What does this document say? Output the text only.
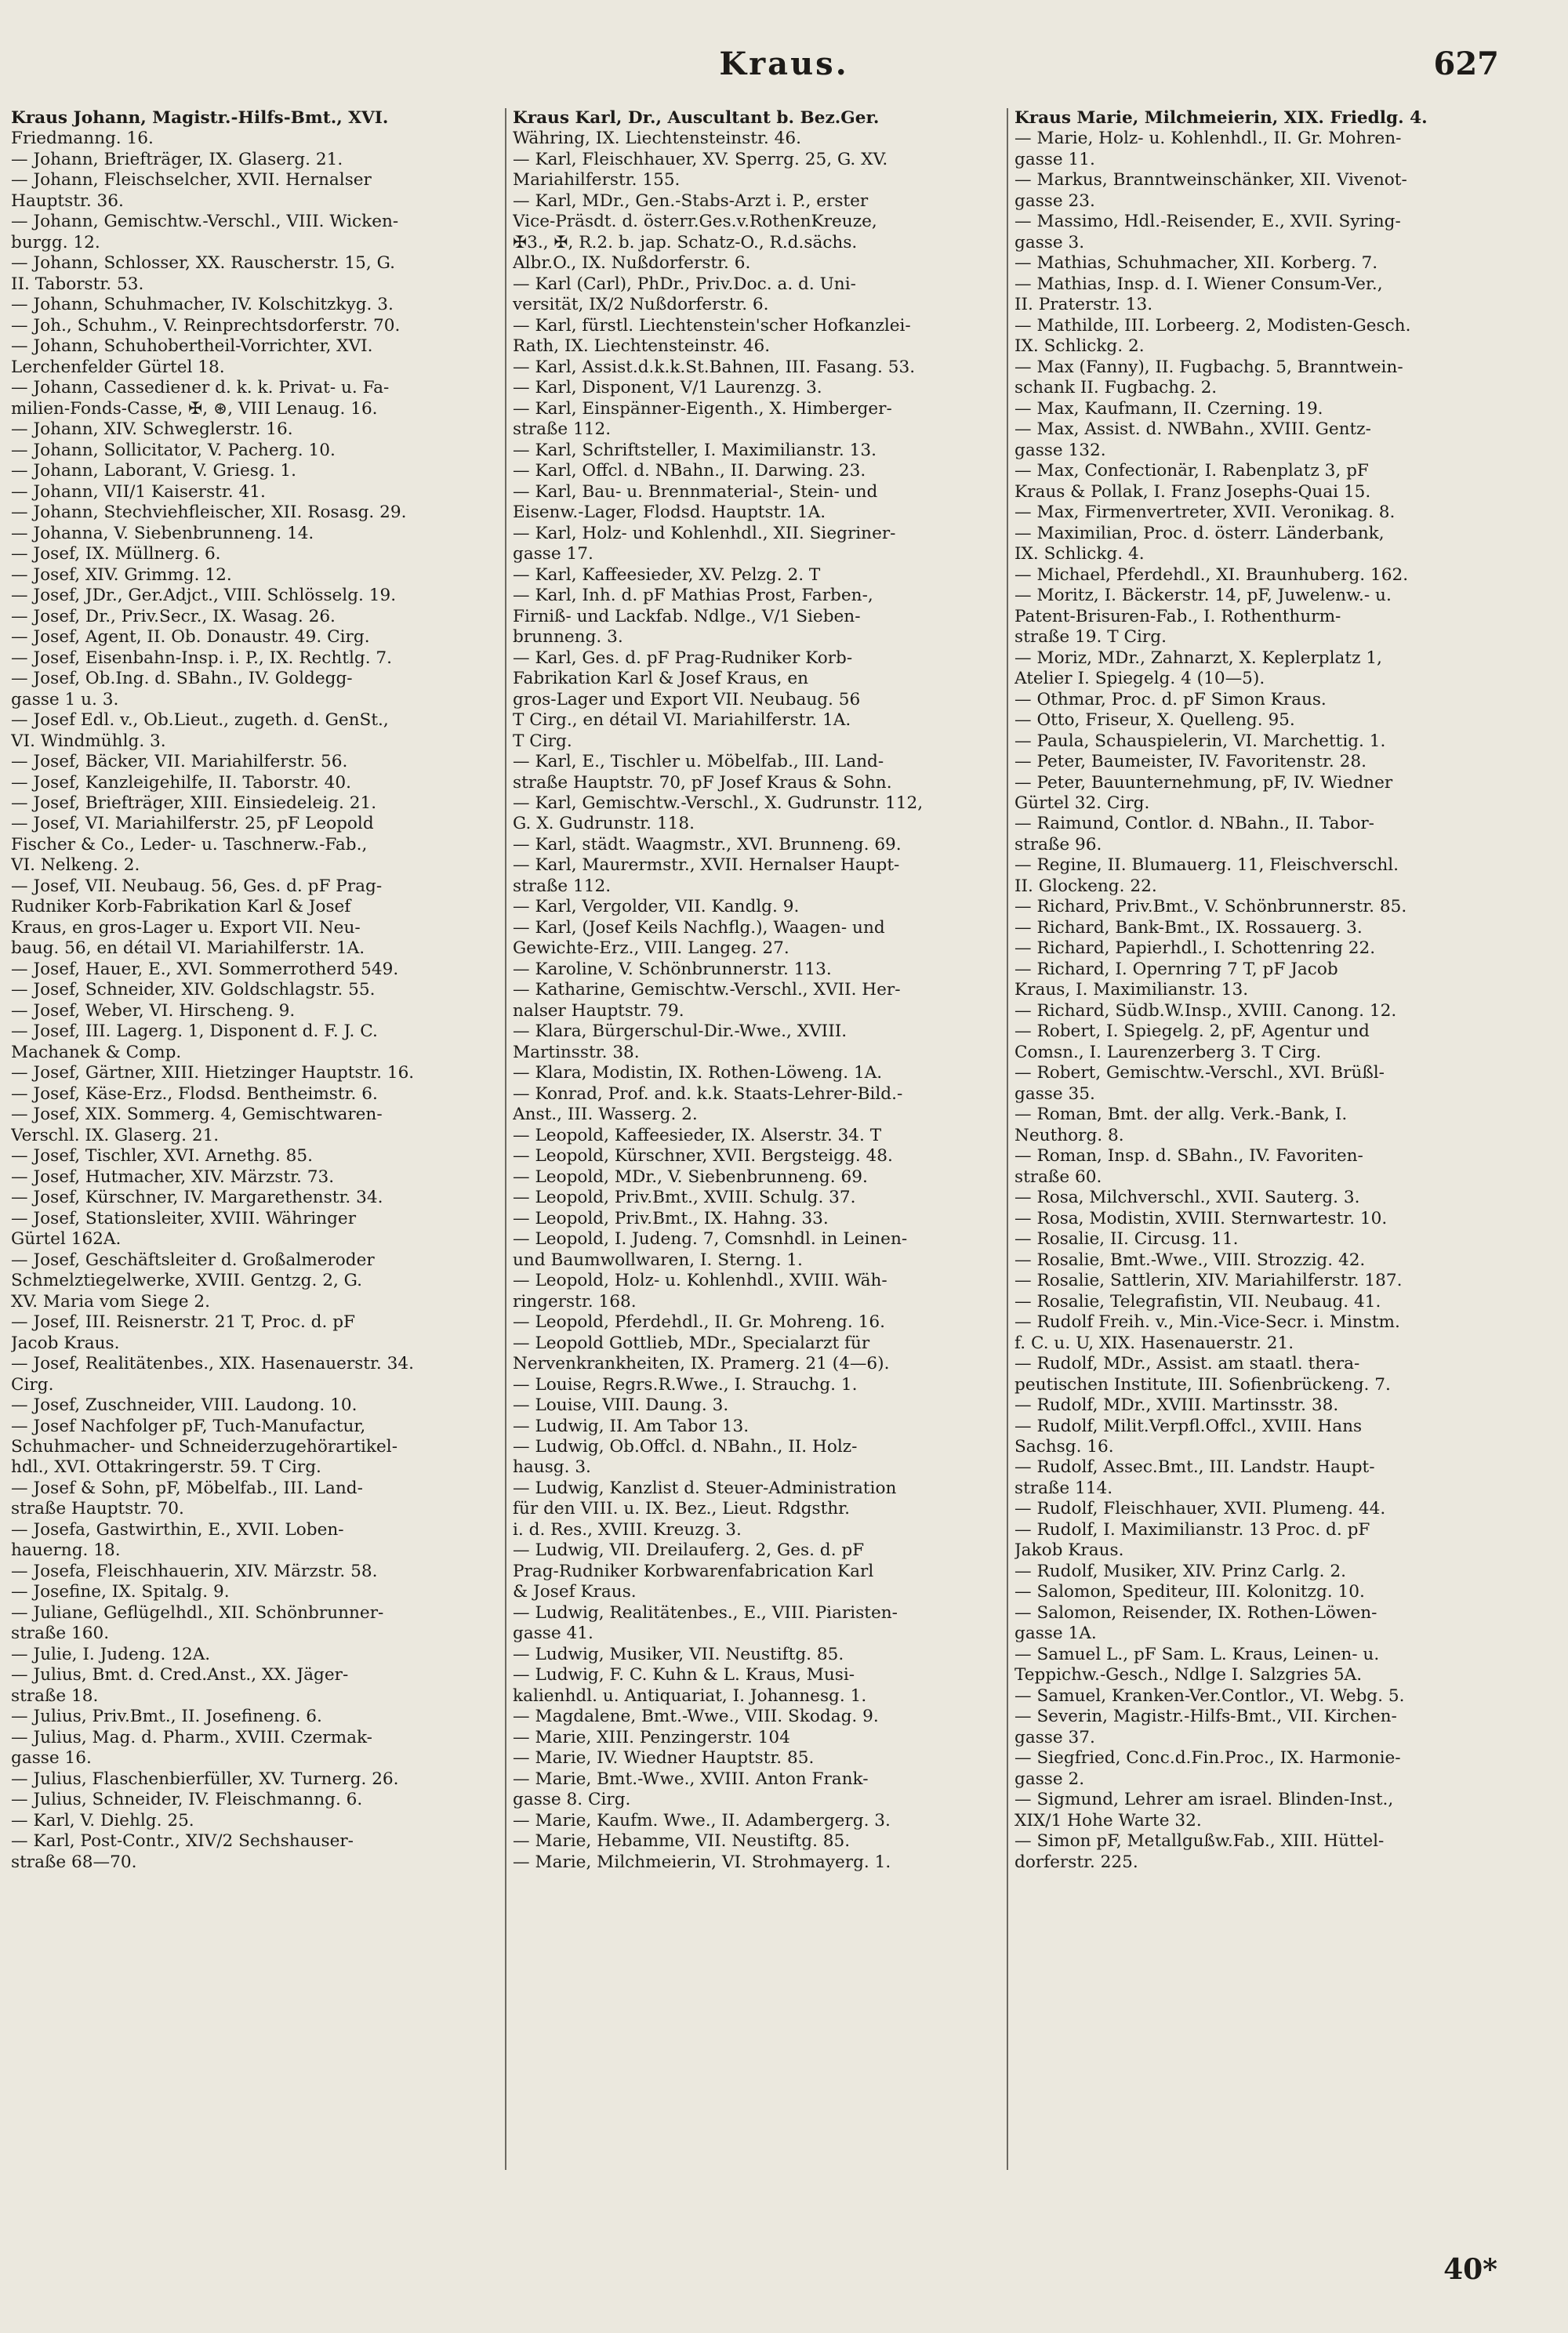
Kraus.	627
Kraus Johann, Magistr.-Hilfs-Bmt., XVI.
Friedmanng. 16.
— Johann, Briefträger, IX. Glaserg. 21.
— Johann, Fleischselcher, XVII. Hernalser
Hauptstr. 36.
— Johann, Gemischtw.-Verschl., VIII. Wicken-
burgg. 12.
— Johann, Schlosser, XX. Rauscherstr. 15, G.
II. Taborstr. 53.
— Johann, Schuhmacher, IV. Kolschitzkyg. 3.
— Joh., Schuhm., V. Reinprechtsdorferstr. 70.
— Johann, Schuhobertheil-Vorrichter, XVI.
Lerchenfelder Gürtel 18.
— Johann, Cassediener d. k. k. Privat- u. Fa-
milien-Fonds-Casse, ✠, ⊛, VIII Lenaug. 16.
— Johann, XIV. Schweglerstr. 16.
— Johann, Sollicitator, V. Pacherg. 10.
— Johann, Laborant, V. Griesg. 1.
— Johann, VII/1 Kaiserstr. 41.
— Johann, Stechviehfleischer, XII. Rosasg. 29.
— Johanna, V. Siebenbrunneng. 14.
— Josef, IX. Müllnerg. 6.
— Josef, XIV. Grimmg. 12.
— Josef, JDr., Ger.Adjct., VIII. Schlösselg. 19.
— Josef, Dr., Priv.Secr., IX. Wasag. 26.
— Josef, Agent, II. Ob. Donaustr. 49. Cirg.
— Josef, Eisenbahn-Insp. i. P., IX. Rechtlg. 7.
— Josef, Ob.Ing. d. SBahn., IV. Goldegg-
gasse 1 u. 3.
— Josef Edl. v., Ob.Lieut., zugeth. d. GenSt.,
VI. Windmühlg. 3.
— Josef, Bäcker, VII. Mariahilferstr. 56.
— Josef, Kanzleigehilfe, II. Taborstr. 40.
— Josef, Briefträger, XIII. Einsiedeleig. 21.
— Josef, VI. Mariahilferstr. 25, pF Leopold
Fischer & Co., Leder- u. Taschnerw.-Fab.,
VI. Nelkeng. 2.
— Josef, VII. Neubaug. 56, Ges. d. pF Prag-
Rudniker Korb-Fabrikation Karl & Josef
Kraus, en gros-Lager u. Export VII. Neu-
baug. 56, en détail VI. Mariahilferstr. 1A.
— Josef, Hauer, E., XVI. Sommerrotherd 549.
— Josef, Schneider, XIV. Goldschlagstr. 55.
— Josef, Weber, VI. Hirscheng. 9.
— Josef, III. Lagerg. 1, Disponent d. F. J. C.
Machanek & Comp.
— Josef, Gärtner, XIII. Hietzinger Hauptstr. 16.
— Josef, Käse-Erz., Flodsd. Bentheimstr. 6.
— Josef, XIX. Sommerg. 4, Gemischtwaren-
Verschl. IX. Glaserg. 21.
— Josef, Tischler, XVI. Arnethg. 85.
— Josef, Hutmacher, XIV. Märzstr. 73.
— Josef, Kürschner, IV. Margarethenstr. 34.
— Josef, Stationsleiter, XVIII. Währinger
Gürtel 162A.
— Josef, Geschäftsleiter d. Großalmeroder
Schmelztiegelwerke, XVIII. Gentzg. 2, G.
XV. Maria vom Siege 2.
— Josef, III. Reisnerstr. 21 T, Proc. d. pF
Jacob Kraus.
— Josef, Realitätenbes., XIX. Hasenauerstr. 34.
Cirg.
— Josef, Zuschneider, VIII. Laudong. 10.
— Josef Nachfolger pF, Tuch-Manufactur,
Schuhmacher- und Schneiderzugehörartikel-
hdl., XVI. Ottakringerstr. 59. T Cirg.
— Josef & Sohn, pF, Möbelfab., III. Land-
straße Hauptstr. 70.
— Josefa, Gastwirthin, E., XVII. Loben-
hauerng. 18.
— Josefa, Fleischhauerin, XIV. Märzstr. 58.
— Josefine, IX. Spitalg. 9.
— Juliane, Geflügelhdl., XII. Schönbrunner-
straße 160.
— Julie, I. Judeng. 12A.
— Julius, Bmt. d. Cred.Anst., XX. Jäger-
straße 18.
— Julius, Priv.Bmt., II. Josefineng. 6.
— Julius, Mag. d. Pharm., XVIII. Czermak-
gasse 16.
— Julius, Flaschenbierfüller, XV. Turnerg. 26.
— Julius, Schneider, IV. Fleischmanng. 6.
— Karl, V. Diehlg. 25.
— Karl, Post-Contr., XIV/2 Sechshauser-
straße 68—70.
Kraus Karl, Dr., Auscultant b. Bez.Ger.
Währing, IX. Liechtensteinstr. 46.
— Karl, Fleischhauer, XV. Sperrg. 25, G. XV.
Mariahilferstr. 155.
— Karl, MDr., Gen.-Stabs-Arzt i. P., erster
Vice-Präsdt. d. österr.Ges.v.RothenKreuze,
✠3., ✠, R.2. b. jap. Schatz-O., R.d.sächs.
Albr.O., IX. Nußdorferstr. 6.
— Karl (Carl), PhDr., Priv.Doc. a. d. Uni-
versität, IX/2 Nußdorferstr. 6.
— Karl, fürstl. Liechtenstein'scher Hofkanzlei-
Rath, IX. Liechtensteinstr. 46.
— Karl, Assist.d.k.k.St.Bahnen, III. Fasang. 53.
— Karl, Disponent, V/1 Laurenzg. 3.
— Karl, Einspänner-Eigenth., X. Himberger-
straße 112.
— Karl, Schriftsteller, I. Maximilianstr. 13.
— Karl, Offcl. d. NBahn., II. Darwing. 23.
— Karl, Bau- u. Brennmaterial-, Stein- und
Eisenw.-Lager, Flodsd. Hauptstr. 1A.
— Karl, Holz- und Kohlenhdl., XII. Siegriner-
gasse 17.
— Karl, Kaffeesieder, XV. Pelzg. 2. T
— Karl, Inh. d. pF Mathias Prost, Farben-,
Firniß- und Lackfab. Ndlge., V/1 Sieben-
brunneng. 3.
— Karl, Ges. d. pF Prag-Rudniker Korb-
Fabrikation Karl & Josef Kraus, en
gros-Lager und Export VII. Neubaug. 56
T Cirg., en détail VI. Mariahilferstr. 1A.
T Cirg.
— Karl, E., Tischler u. Möbelfab., III. Land-
straße Hauptstr. 70, pF Josef Kraus & Sohn.
— Karl, Gemischtw.-Verschl., X. Gudrunstr. 112,
G. X. Gudrunstr. 118.
— Karl, städt. Waagmstr., XVI. Brunneng. 69.
— Karl, Maurermstr., XVII. Hernalser Haupt-
straße 112.
— Karl, Vergolder, VII. Kandlg. 9.
— Karl, (Josef Keils Nachflg.), Waagen- und
Gewichte-Erz., VIII. Langeg. 27.
— Karoline, V. Schönbrunnerstr. 113.
— Katharine, Gemischtw.-Verschl., XVII. Her-
nalser Hauptstr. 79.
— Klara, Bürgerschul-Dir.-Wwe., XVIII.
Martinsstr. 38.
— Klara, Modistin, IX. Rothen-Löweng. 1A.
— Konrad, Prof. and. k.k. Staats-Lehrer-Bild.-
Anst., III. Wasserg. 2.
— Leopold, Kaffeesieder, IX. Alserstr. 34. T
— Leopold, Kürschner, XVII. Bergsteigg. 48.
— Leopold, MDr., V. Siebenbrunneng. 69.
— Leopold, Priv.Bmt., XVIII. Schulg. 37.
— Leopold, Priv.Bmt., IX. Hahng. 33.
— Leopold, I. Judeng. 7, Comsnhdl. in Leinen-
und Baumwollwaren, I. Sterng. 1.
— Leopold, Holz- u. Kohlenhdl., XVIII. Wäh-
ringerstr. 168.
— Leopold, Pferdehdl., II. Gr. Mohreng. 16.
— Leopold Gottlieb, MDr., Specialarzt für
Nervenkrankheiten, IX. Pramerg. 21 (4—6).
— Louise, Regrs.R.Wwe., I. Strauchg. 1.
— Louise, VIII. Daung. 3.
— Ludwig, II. Am Tabor 13.
— Ludwig, Ob.Offcl. d. NBahn., II. Holz-
hausg. 3.
— Ludwig, Kanzlist d. Steuer-Administration
für den VIII. u. IX. Bez., Lieut. Rdgsthr.
i. d. Res., XVIII. Kreuzg. 3.
— Ludwig, VII. Dreilauferg. 2, Ges. d. pF
Prag-Rudniker Korbwarenfabrication Karl
& Josef Kraus.
— Ludwig, Realitätenbes., E., VIII. Piaristen-
gasse 41.
— Ludwig, Musiker, VII. Neustiftg. 85.
— Ludwig, F. C. Kuhn & L. Kraus, Musi-
kalienhdl. u. Antiquariat, I. Johannesg. 1.
— Magdalene, Bmt.-Wwe., VIII. Skodag. 9.
— Marie, XIII. Penzingerstr. 104
— Marie, IV. Wiedner Hauptstr. 85.
— Marie, Bmt.-Wwe., XVIII. Anton Frank-
gasse 8. Cirg.
— Marie, Kaufm. Wwe., II. Adambergerg. 3.
— Marie, Hebamme, VII. Neustiftg. 85.
— Marie, Milchmeierin, VI. Strohmayerg. 1.
Kraus Marie, Milchmeierin, XIX. Friedlg. 4.
— Marie, Holz- u. Kohlenhdl., II. Gr. Mohren-
gasse 11.
— Markus, Branntweinschänker, XII. Vivenot-
gasse 23.
— Massimo, Hdl.-Reisender, E., XVII. Syring-
gasse 3.
— Mathias, Schuhmacher, XII. Korberg. 7.
— Mathias, Insp. d. I. Wiener Consum-Ver.,
II. Praterstr. 13.
— Mathilde, III. Lorbeerg. 2, Modisten-Gesch.
IX. Schlickg. 2.
— Max (Fanny), II. Fugbachg. 5, Branntwein-
schank II. Fugbachg. 2.
— Max, Kaufmann, II. Czerning. 19.
— Max, Assist. d. NWBahn., XVIII. Gentz-
gasse 132.
— Max, Confectionär, I. Rabenplatz 3, pF
Kraus & Pollak, I. Franz Josephs-Quai 15.
— Max, Firmenvertreter, XVII. Veronikag. 8.
— Maximilian, Proc. d. österr. Länderbank,
IX. Schlickg. 4.
— Michael, Pferdehdl., XI. Braunhuberg. 162.
— Moritz, I. Bäckerstr. 14, pF, Juwelenw.- u.
Patent-Brisuren-Fab., I. Rothenthurm-
straße 19. T Cirg.
— Moriz, MDr., Zahnarzt, X. Keplerplatz 1,
Atelier I. Spiegelg. 4 (10—5).
— Othmar, Proc. d. pF Simon Kraus.
— Otto, Friseur, X. Quelleng. 95.
— Paula, Schauspielerin, VI. Marchettig. 1.
— Peter, Baumeister, IV. Favoritenstr. 28.
— Peter, Bauunternehmung, pF, IV. Wiedner
Gürtel 32. Cirg.
— Raimund, Contlor. d. NBahn., II. Tabor-
straße 96.
— Regine, II. Blumauerg. 11, Fleischverschl.
II. Glockeng. 22.
— Richard, Priv.Bmt., V. Schönbrunnerstr. 85.
— Richard, Bank-Bmt., IX. Rossauerg. 3.
— Richard, Papierhdl., I. Schottenring 22.
— Richard, I. Opernring 7 T, pF Jacob
Kraus, I. Maximilianstr. 13.
— Richard, Südb.W.Insp., XVIII. Canong. 12.
— Robert, I. Spiegelg. 2, pF, Agentur und
Comsn., I. Laurenzerberg 3. T Cirg.
— Robert, Gemischtw.-Verschl., XVI. Brüßl-
gasse 35.
— Roman, Bmt. der allg. Verk.-Bank, I.
Neuthorg. 8.
— Roman, Insp. d. SBahn., IV. Favoriten-
straße 60.
— Rosa, Milchverschl., XVII. Sauterg. 3.
— Rosa, Modistin, XVIII. Sternwartestr. 10.
— Rosalie, II. Circusg. 11.
— Rosalie, Bmt.-Wwe., VIII. Strozzig. 42.
— Rosalie, Sattlerin, XIV. Mariahilferstr. 187.
— Rosalie, Telegrafistin, VII. Neubaug. 41.
— Rudolf Freih. v., Min.-Vice-Secr. i. Minstm.
f. C. u. U, XIX. Hasenauerstr. 21.
— Rudolf, MDr., Assist. am staatl. thera-
peutischen Institute, III. Sofienbrückeng. 7.
— Rudolf, MDr., XVIII. Martinsstr. 38.
— Rudolf, Milit.Verpfl.Offcl., XVIII. Hans
Sachsg. 16.
— Rudolf, Assec.Bmt., III. Landstr. Haupt-
straße 114.
— Rudolf, Fleischhauer, XVII. Plumeng. 44.
— Rudolf, I. Maximilianstr. 13 Proc. d. pF
Jakob Kraus.
— Rudolf, Musiker, XIV. Prinz Carlg. 2.
— Salomon, Spediteur, III. Kolonitzg. 10.
— Salomon, Reisender, IX. Rothen-Löwen-
gasse 1A.
— Samuel L., pF Sam. L. Kraus, Leinen- u.
Teppichw.-Gesch., Ndlge I. Salzgries 5A.
— Samuel, Kranken-Ver.Contlor., VI. Webg. 5.
— Severin, Magistr.-Hilfs-Bmt., VII. Kirchen-
gasse 37.
— Siegfried, Conc.d.Fin.Proc., IX. Harmonie-
gasse 2.
— Sigmund, Lehrer am israel. Blinden-Inst.,
XIX/1 Hohe Warte 32.
— Simon pF, Metallgußw.Fab., XIII. Hüttel-
dorferstr. 225.
40*
